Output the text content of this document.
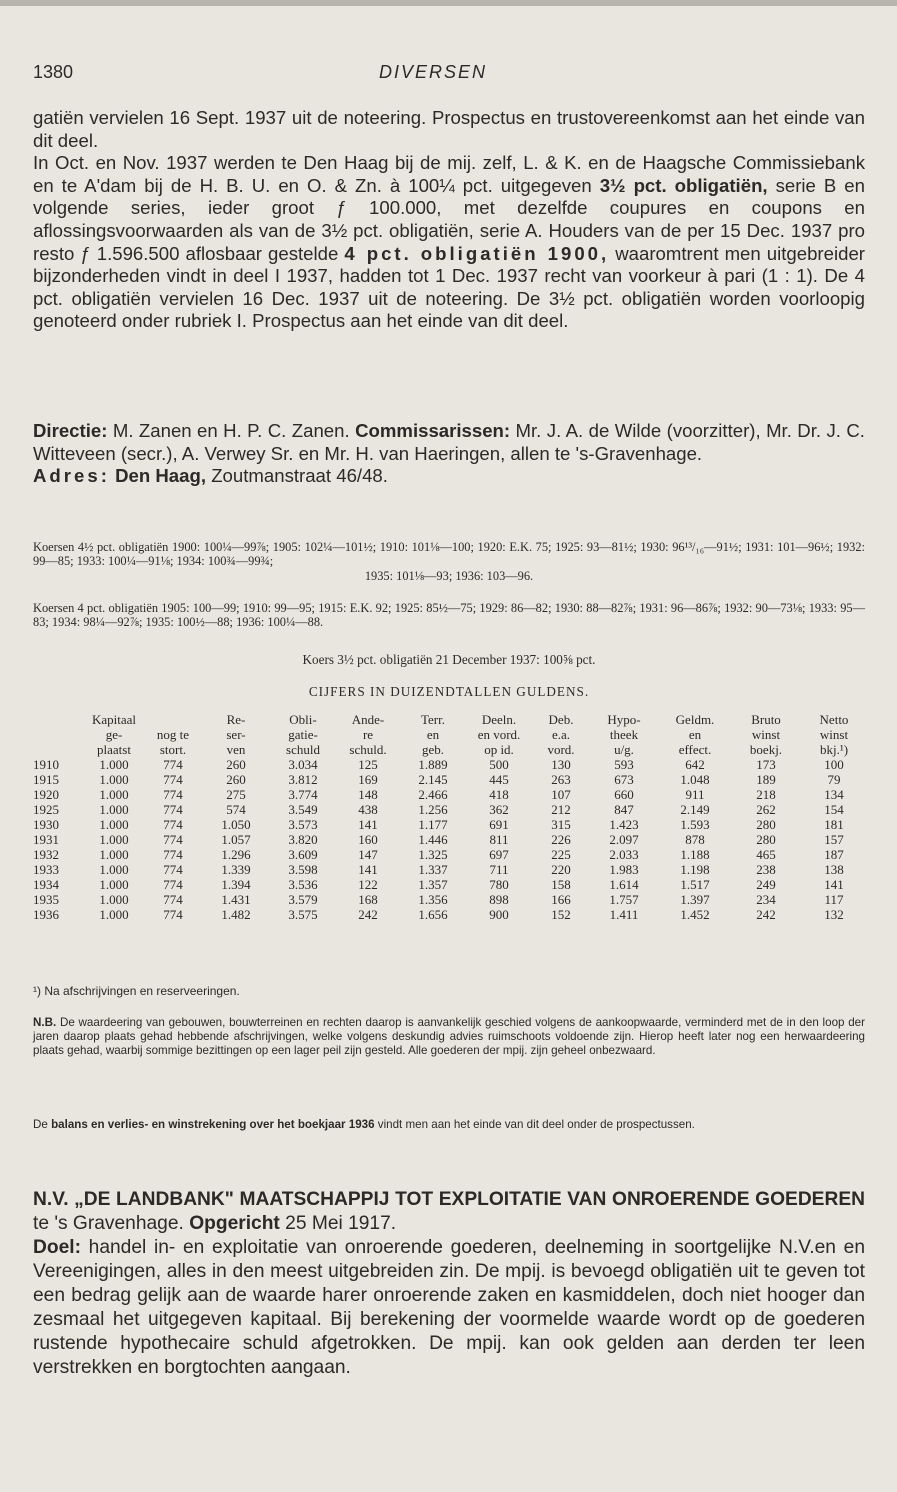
1380	DIVERSEN

gatiën vervielen 16 Sept. 1937 uit de noteering. Prospectus en trustovereenkomst aan het einde van dit deel.

In Oct. en Nov. 1937 werden te Den Haag bij de mij. zelf, L. & K. en de Haagsche Commissiebank en te A'dam bij de H. B. U. en O. & Zn. à 100¼ pct. uitgegeven 3½ pct. obligatiën, serie B en volgende series, ieder groot ƒ 100.000, met dezelfde coupures en coupons en aflossingsvoorwaarden als van de 3½ pct. obligatiën, serie A. Houders van de per 15 Dec. 1937 pro resto ƒ 1.596.500 aflosbaar gestelde 4 pct. obligatiën 1900, waaromtrent men uitgebreider bijzonderheden vindt in deel I 1937, hadden tot 1 Dec. 1937 recht van voorkeur à pari (1 : 1). De 4 pct. obligatiën vervielen 16 Dec. 1937 uit de noteering. De 3½ pct. obligatiën worden voorloopig genoteerd onder rubriek I. Prospectus aan het einde van dit deel.

Directie: M. Zanen en H. P. C. Zanen. Commissarissen: Mr. J. A. de Wilde (voorzitter), Mr. Dr. J. C. Witteveen (secr.), A. Verwey Sr. en Mr. H. van Haeringen, allen te 's-Gravenhage.

Adres: Den Haag, Zoutmanstraat 46/48.

Koersen 4½ pct. obligatiën 1900: 100¼—99⅞; 1905: 102¼—101½; 1910: 101⅛—100; 1920: E.K. 75; 1925: 93—81½; 1930: 96¹³/₁₆—91½; 1931: 101—96½; 1932: 99—85; 1933: 100¼—91⅛; 1934: 100¾—99¾;

1935: 101⅛—93; 1936: 103—96.

Koersen 4 pct. obligatiën 1905: 100—99; 1910: 99—95; 1915: E.K. 92; 1925: 85½—75; 1929: 86—82; 1930: 88—82⅞; 1931: 96—86⅞; 1932: 90—73⅛; 1933: 95—83; 1934: 98¼—92⅞; 1935: 100½—88; 1936: 100¼—88.

Koers 3½ pct. obligatiën 21 December 1937: 100⅝ pct.
CIJFERS IN DUIZENDTALLEN GULDENS.
	Kapitaal		Re-	Obli-	Ande-	Terr.	Deeln.	Deb.	Hypo-	Geldm.	Bruto	Netto
	ge-	nog te	ser-	gatie-	re	en	en vord.	e.a.	theek	en	winst	winst
	plaatst	stort.	ven	schuld	schuld.	geb.	op id.	vord.	u/g.	effect.	boekj.	bkj.¹)
1910	1.000	774	260	3.034	125	1.889	500	130	593	642	173	100
1915	1.000	774	260	3.812	169	2.145	445	263	673	1.048	189	79
1920	1.000	774	275	3.774	148	2.466	418	107	660	911	218	134
1925	1.000	774	574	3.549	438	1.256	362	212	847	2.149	262	154
1930	1.000	774	1.050	3.573	141	1.177	691	315	1.423	1.593	280	181
1931	1.000	774	1.057	3.820	160	1.446	811	226	2.097	878	280	157
1932	1.000	774	1.296	3.609	147	1.325	697	225	2.033	1.188	465	187
1933	1.000	774	1.339	3.598	141	1.337	711	220	1.983	1.198	238	138
1934	1.000	774	1.394	3.536	122	1.357	780	158	1.614	1.517	249	141
1935	1.000	774	1.431	3.579	168	1.356	898	166	1.757	1.397	234	117
1936	1.000	774	1.482	3.575	242	1.656	900	152	1.411	1.452	242	132
¹) Na afschrijvingen en reserveeringen.

N.B. De waardeering van gebouwen, bouwterreinen en rechten daarop is aanvankelijk geschied volgens de aankoopwaarde, verminderd met de in den loop der jaren daarop plaats gehad hebbende afschrijvingen, welke volgens deskundig advies ruimschoots voldoende zijn. Hierop heeft later nog een herwaardeering plaats gehad, waarbij sommige bezittingen op een lager peil zijn gesteld. Alle goederen der mpij. zijn geheel onbezwaard.

De balans en verlies- en winstrekening over het boekjaar 1936 vindt men aan het einde van dit deel onder de prospectussen.

N.V. „DE LANDBANK" MAATSCHAPPIJ TOT EXPLOITATIE VAN ONROERENDE GOEDEREN te 's Gravenhage. Opgericht 25 Mei 1917.

Doel: handel in- en exploitatie van onroerende goederen, deelneming in soortgelijke N.V.en en Vereenigingen, alles in den meest uitgebreiden zin. De mpij. is bevoegd obligatiën uit te geven tot een bedrag gelijk aan de waarde harer onroerende zaken en kasmiddelen, doch niet hooger dan zesmaal het uitgegeven kapitaal. Bij berekening der voormelde waarde wordt op de goederen rustende hypothecaire schuld afgetrokken. De mpij. kan ook gelden aan derden ter leen verstrekken en borgtochten aangaan.
